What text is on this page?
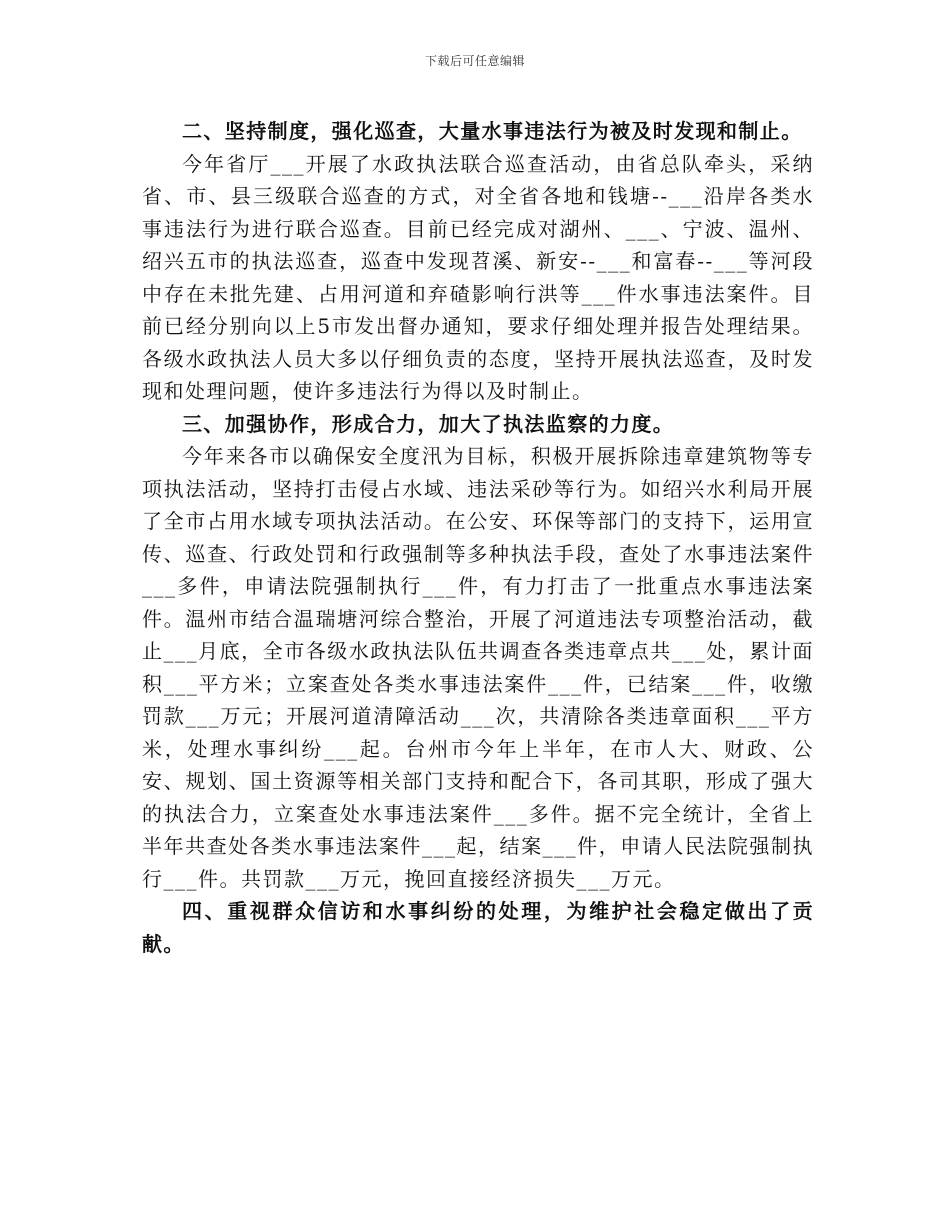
下载后可任意编辑

二、坚持制度，强化巡查，大量水事违法行为被及时发现和制止。

今年省厅___开展了水政执法联合巡查活动，由省总队牵头，采纳省、市、县三级联合巡查的方式，对全省各地和钱塘--___沿岸各类水事违法行为进行联合巡查。目前已经完成对湖州、___、宁波、温州、绍兴五市的执法巡查，巡查中发现苕溪、新安--___和富春--___等河段中存在未批先建、占用河道和弃碴影响行洪等___件水事违法案件。目前已经分别向以上5市发出督办通知，要求仔细处理并报告处理结果。各级水政执法人员大多以仔细负责的态度，坚持开展执法巡查，及时发现和处理问题，使许多违法行为得以及时制止。

三、加强协作，形成合力，加大了执法监察的力度。

今年来各市以确保安全度汛为目标，积极开展拆除违章建筑物等专项执法活动，坚持打击侵占水域、违法采砂等行为。如绍兴水利局开展了全市占用水域专项执法活动。在公安、环保等部门的支持下，运用宣传、巡查、行政处罚和行政强制等多种执法手段，查处了水事违法案件___多件，申请法院强制执行___件，有力打击了一批重点水事违法案件。温州市结合温瑞塘河综合整治，开展了河道违法专项整治活动，截止___月底，全市各级水政执法队伍共调查各类违章点共___处，累计面积___平方米；立案查处各类水事违法案件___件，已结案___件，收缴罚款___万元；开展河道清障活动___次，共清除各类违章面积___平方米，处理水事纠纷___起。台州市今年上半年，在市人大、财政、公安、规划、国土资源等相关部门支持和配合下，各司其职，形成了强大的执法合力，立案查处水事违法案件___多件。据不完全统计，全省上半年共查处各类水事违法案件___起，结案___件，申请人民法院强制执行___件。共罚款___万元，挽回直接经济损失___万元。

四、重视群众信访和水事纠纷的处理，为维护社会稳定做出了贡献。
